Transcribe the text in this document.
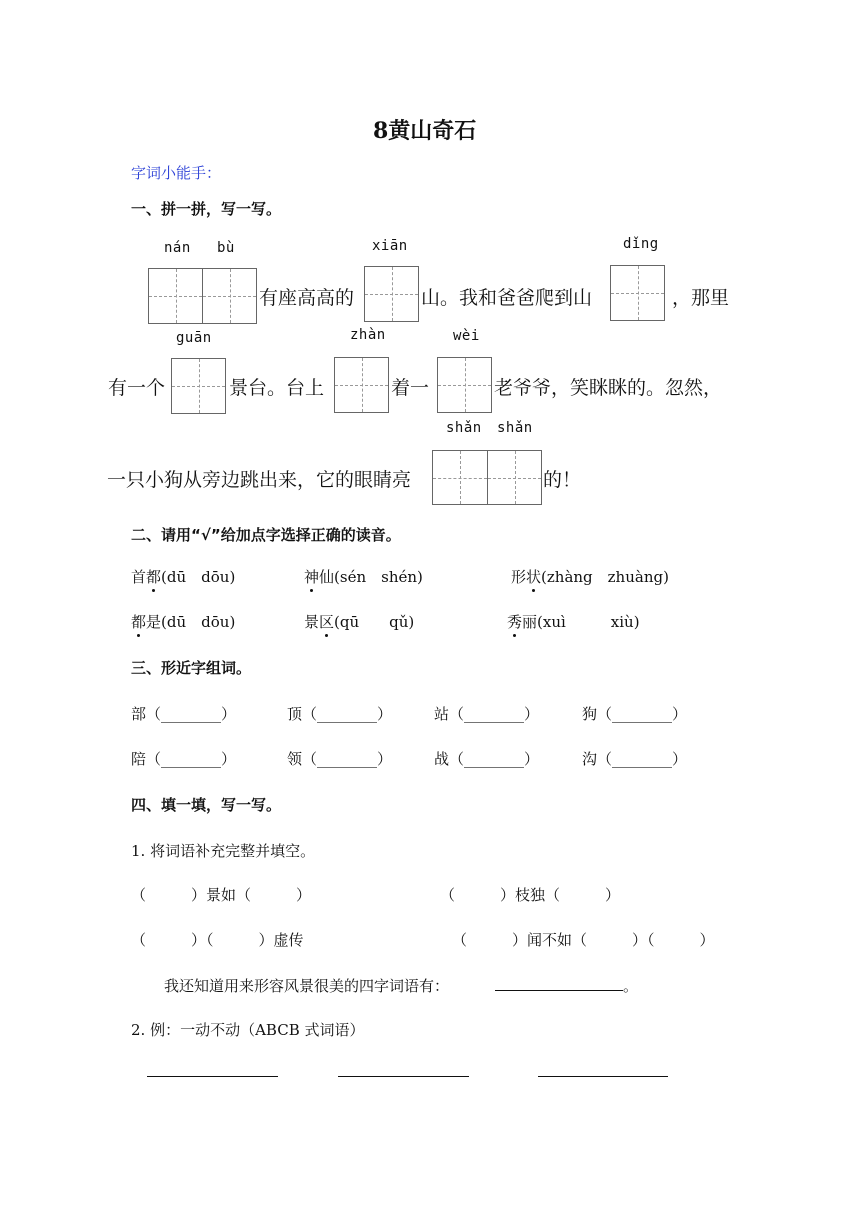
8黄山奇石
字词小能手：
一、拼一拼，写一写。
nán bù
有座高高的
xiān
山。我和爸爸爬到山
dǐng
，那里
有一个
guān
景台。台上
zhàn
着一
wèi
老爷爷，笑眯眯的。忽然，
一只小狗从旁边跳出来，它的眼睛亮
shǎn shǎn
的！
二、请用“√”给加点字选择正确的读音。
首都(dū　dōu)	神仙(sén　shén)	形状(zhàng　zhuàng)
都是(dū　dōu)	景区(qū　　qǔ)	秀丽(xuì　　　xiù)
三、形近字组词。
部（________）	顶（________）	站（________）	狗（________）
陪（________）	领（________）	战（________）	沟（________）
四、填一填，写一写。
1. 将词语补充完整并填空。
（　　　）景如（　　　）	（　　　）枝独（　　　）
（　　　）（　　　）虚传	（　　　）闻不如（　　　）（　　　）
我还知道用来形容风景很美的四字词语有：	。
2. 例：一动不动（ABCB 式词语）
